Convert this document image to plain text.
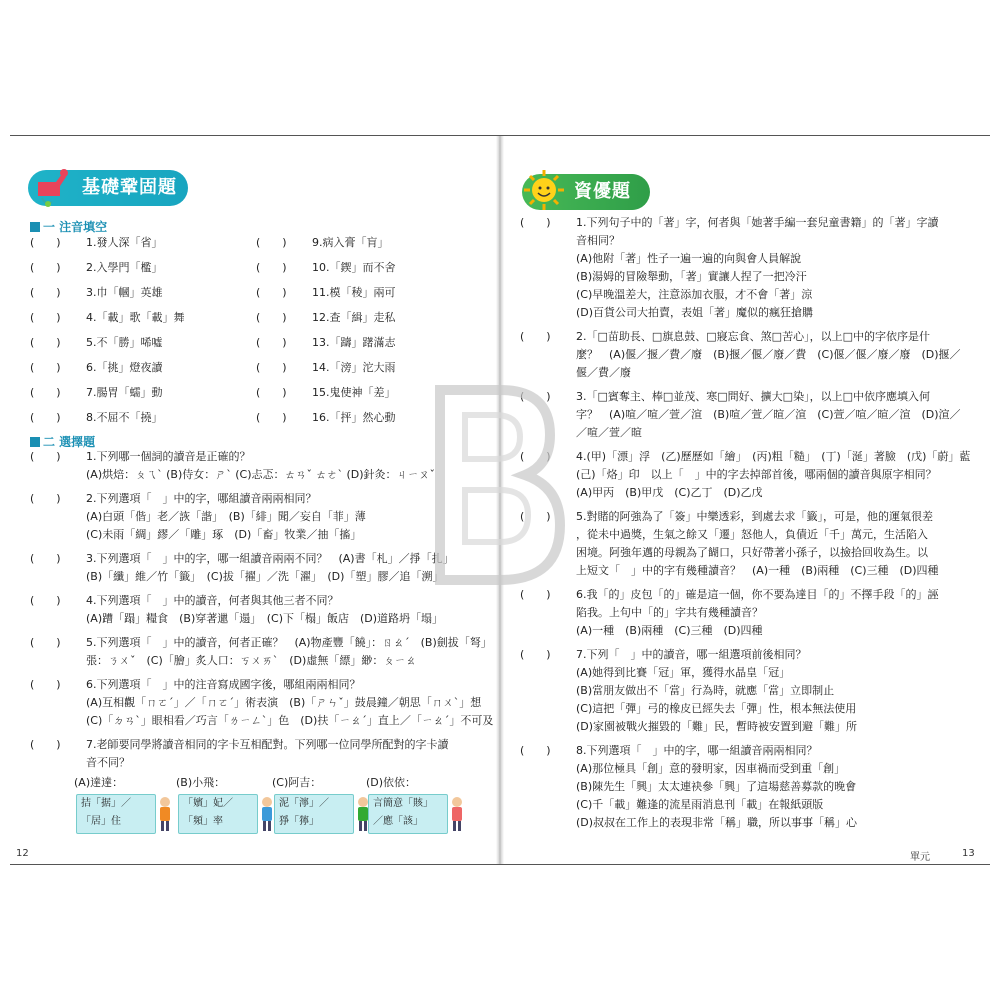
基礎鞏固題
一 注音填空
(　　) 1.發人深「省」	(　　) 9.病入膏「肓」
(　　) 2.入學門「檻」	(　　) 10.「鍥」而不舍
(　　) 3.巾「幗」英雄	(　　) 11.模「稜」兩可
(　　) 4.「載」歌「載」舞	(　　) 12.查「緝」走私
(　　) 5.不「勝」唏噓	(　　) 13.「躊」躇滿志
(　　) 6.「挑」燈夜讀	(　　) 14.「滂」沱大雨
(　　) 7.腸胃「蠕」動	(　　) 15.鬼使神「差」
(　　) 8.不屈不「撓」	(　　) 16.「抨」然心動
二 選擇題
(　　) 1.下列哪一個詞的讀音是正確的？
(A)烘焙：ㄆㄟˋ (B)侍女：ㄕˋ (C)忐忑：ㄊㄢˇ ㄊㄜˋ (D)針灸：ㄐㄧㄡˇ
(　　) 2.下列選項「　」中的字，哪組讀音兩兩相同？
(A)白頭「偕」老／詼「諧」　(B)「緋」聞／妄自「菲」薄
(C)未雨「綢」繆／「雕」琢　(D)「畜」牧業／抽「搐」
(　　) 3.下列選項「　」中的字，哪一組讀音兩兩不同？　(A)書「札」／掙「扎」
(B)「纖」維／竹「籤」　(C)拔「擢」／洗「濯」　(D)「塑」膠／追「溯」
(　　) 4.下列選項「　」中的讀音，何者與其他三者不同？
(A)蹧「蹋」糧食　(B)穿著邋「遢」　(C)下「榻」飯店　(D)道路坍「塌」
(　　) 5.下列選項「　」中的讀音，何者正確？　(A)物產豐「饒」：ㄖㄠˊ　(B)劍拔「弩」
張：ㄋㄨˇ　(C)「膾」炙人口：ㄎㄨㄞˋ　(D)虛無「縹」緲：ㄆㄧㄠ
(　　) 6.下列選項「　」中的注音寫成國字後，哪組兩兩相同？
(A)互相觀「ㄇㄛˊ」／「ㄇㄛˊ」術表演　(B)「ㄕㄣˇ」鼓晨鐘／朝思「ㄇㄨˋ」想
(C)「ㄉㄢˋ」眼相看／巧言「ㄌㄧㄥˋ」色　(D)扶「ㄧㄠˊ」直上／「ㄧㄠˊ」不可及
(　　) 7.老師要同學將讀音相同的字卡互相配對。下列哪一位同學所配對的字卡讀
音不同？
(A)達達：	(B)小飛：	(C)阿吉：	(D)依依：
拮「据」／
「居」住
「嬪」妃／
「頻」率
泥「濘」／
猙「獰」
言簡意「賅」
／應「該」
12
資優題
(　　) 1.下列句子中的「著」字，何者與「她著手編一套兒童書籍」的「著」字讀
音相同？
(A)他附「著」性子一遍一遍的向與會人員解說
(B)湯姆的冒險舉動，「著」實讓人捏了一把冷汗
(C)早晚溫差大，注意添加衣服，才不會「著」涼
(D)百貨公司大拍賣，表姐「著」魔似的瘋狂搶購
(　　) 2.「□苗助長、□旗息鼓、□寢忘食、煞□苦心」，以上□中的字依序是什
麼？　(A)偃／揠／費／廢　(B)揠／偃／廢／費　(C)偃／偃／廢／廢　(D)揠／
偃／費／廢
(　　) 3.「□賓奪主、棒□並茂、寒□問好、擴大□染」，以上□中依序應填入何
字？　(A)喧／喧／萱／渲　(B)喧／萱／暄／渲　(C)萱／喧／暄／渲　(D)渲／
／喧／萱／暄
(　　) 4.(甲)「漂」浮　(乙)歷歷如「繪」　(丙)粗「糙」　(丁)「涎」著臉　(戊)「蔚」藍
(己)「烙」印　以上「　」中的字去掉部首後，哪兩個的讀音與原字相同？
(A)甲丙　(B)甲戊　(C)乙丁　(D)乙戊
(　　) 5.對賭的阿強為了「簽」中樂透彩，到處去求「籤」，可是，他的運氣很差
，從未中過獎，生氣之餘又「遷」怒他人，負債近「千」萬元，生活陷入
困境。阿強年邁的母親為了餬口，只好帶著小孫子，以撿拾回收為生。以
上短文「　」中的字有幾種讀音？　(A)一種　(B)兩種　(C)三種　(D)四種
(　　) 6.我「的」皮包「的」確是這一個，你不要為達目「的」不擇手段「的」誣
陷我。上句中「的」字共有幾種讀音？
(A)一種　(B)兩種　(C)三種　(D)四種
(　　) 7.下列「　」中的讀音，哪一組選項前後相同？
(A)她得到比賽「冠」軍，獲得水晶皇「冠」
(B)當朋友做出不「當」行為時，就應「當」立即制止
(C)這把「彈」弓的橡皮已經失去「彈」性，根本無法使用
(D)家園被戰火摧毀的「難」民，暫時被安置到避「難」所
(　　) 8.下列選項「　」中的字，哪一組讀音兩兩相同？
(A)那位極具「創」意的發明家，因車禍而受到重「創」
(B)陳先生「興」太太連袂參「興」了這場慈善募款的晚會
(C)千「載」難逢的流星雨消息刊「載」在報紙頭版
(D)叔叔在工作上的表現非常「稱」職，所以事事「稱」心
單元	13
